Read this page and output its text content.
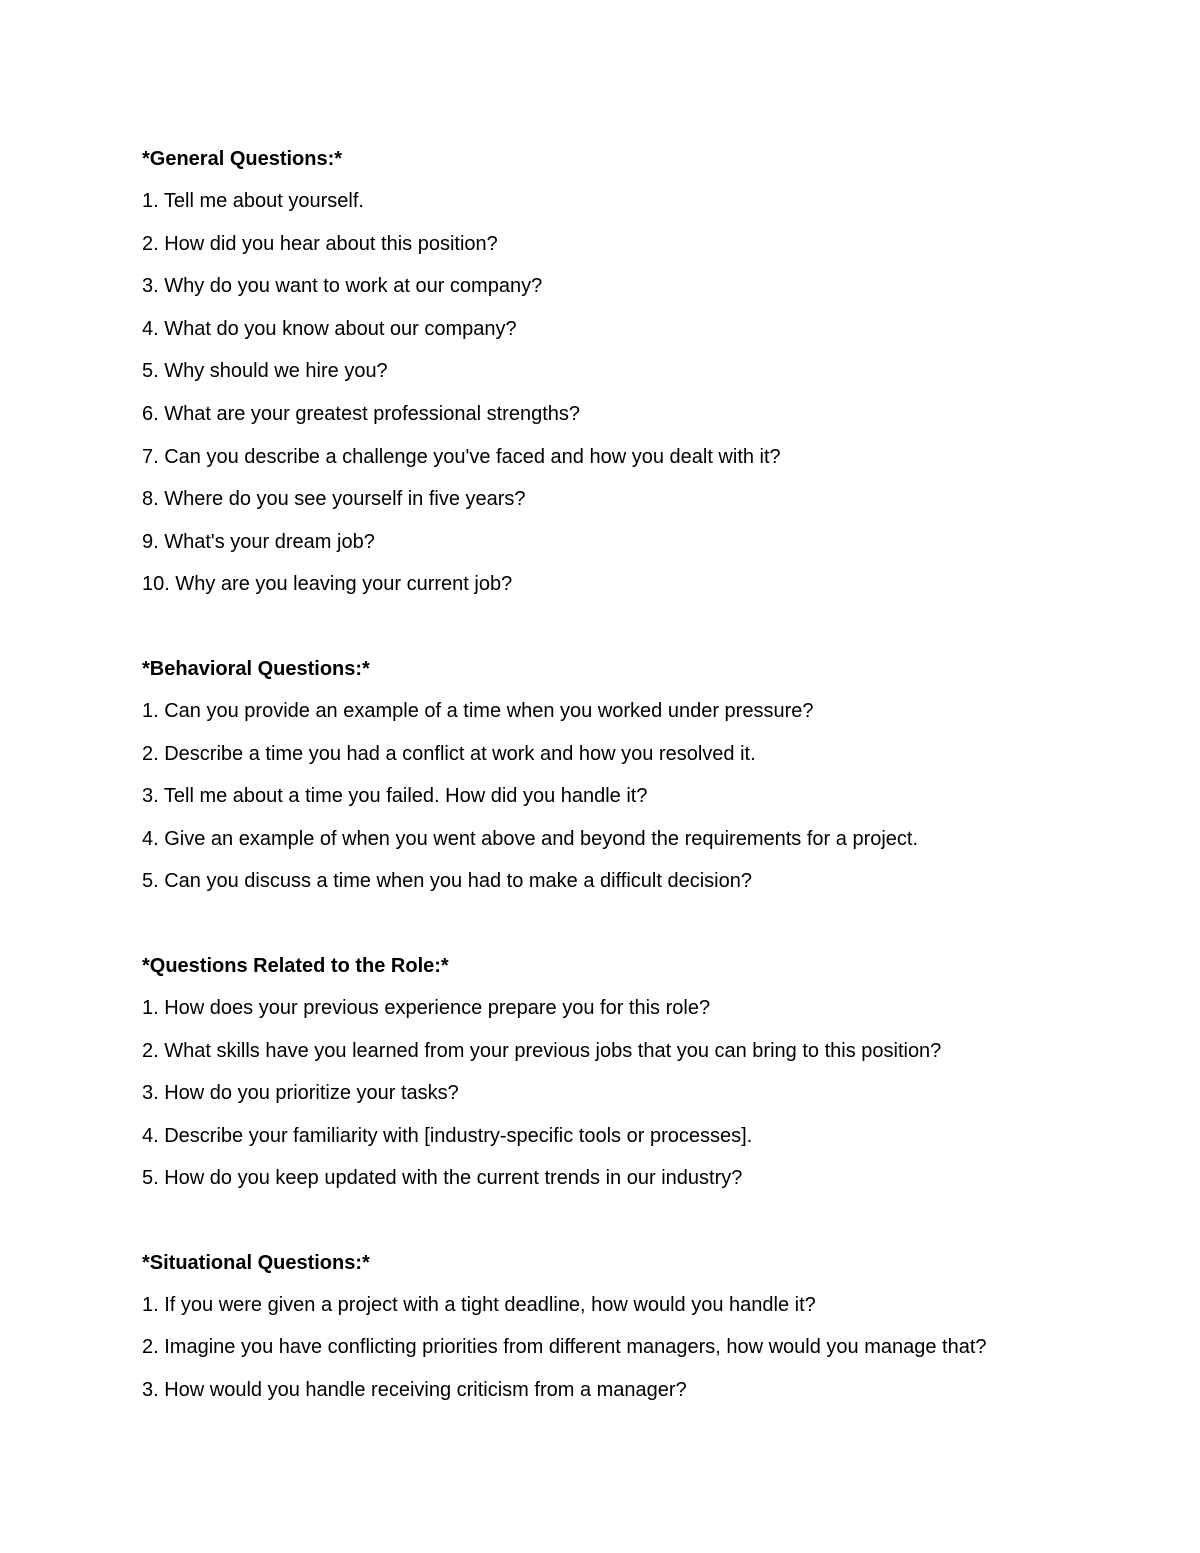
*General Questions:*

1. Tell me about yourself.

2. How did you hear about this position?

3. Why do you want to work at our company?

4. What do you know about our company?

5. Why should we hire you?

6. What are your greatest professional strengths?

7. Can you describe a challenge you've faced and how you dealt with it?

8. Where do you see yourself in five years?

9. What's your dream job?

10. Why are you leaving your current job?

*Behavioral Questions:*

1. Can you provide an example of a time when you worked under pressure?

2. Describe a time you had a conflict at work and how you resolved it.

3. Tell me about a time you failed. How did you handle it?

4. Give an example of when you went above and beyond the requirements for a project.

5. Can you discuss a time when you had to make a difficult decision?

*Questions Related to the Role:*

1. How does your previous experience prepare you for this role?

2. What skills have you learned from your previous jobs that you can bring to this position?

3. How do you prioritize your tasks?

4. Describe your familiarity with [industry-specific tools or processes].

5. How do you keep updated with the current trends in our industry?

*Situational Questions:*

1. If you were given a project with a tight deadline, how would you handle it?

2. Imagine you have conflicting priorities from different managers, how would you manage that?

3. How would you handle receiving criticism from a manager?
